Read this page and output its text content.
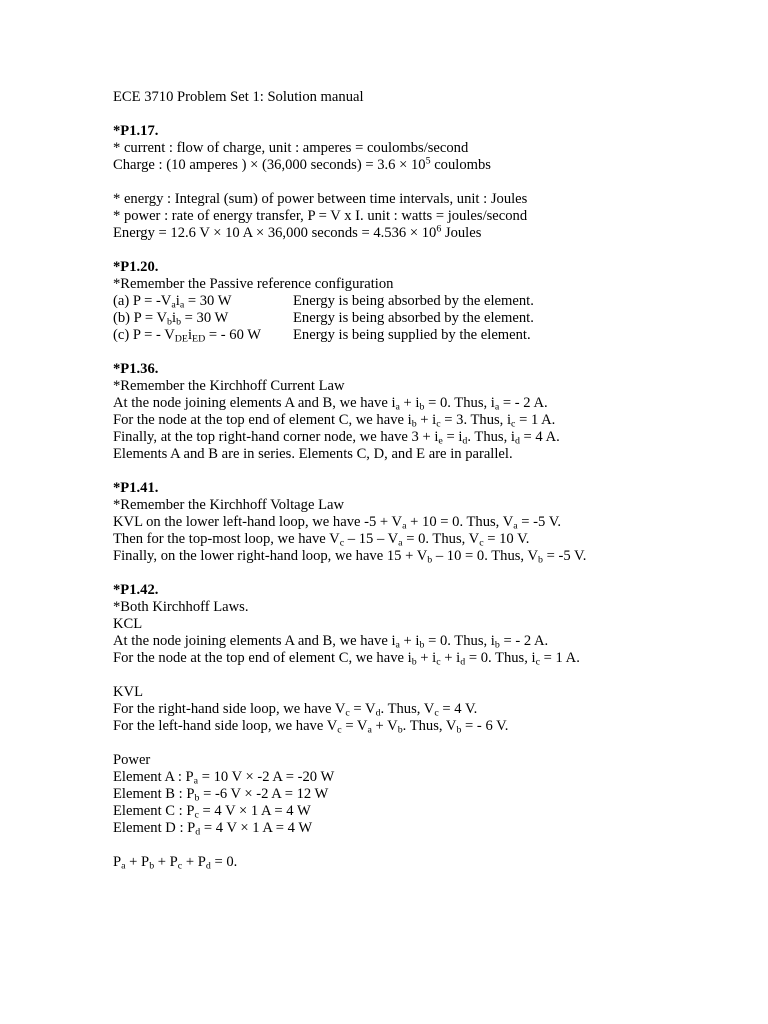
ECE 3710 Problem Set 1: Solution manual
*P1.17.
* current : flow of charge, unit : amperes = coulombs/second
Charge : (10 amperes ) × (36,000 seconds) = $3.6 \times 10^5$ coulombs
* energy : Integral (sum) of power between time intervals, unit : Joules
* power : rate of energy transfer, P = V x I. unit : watts = joules/second
Energy = 12.6 V × 10 A × 36,000 seconds = $4.536 \times 10^6$ Joules
*P1.20.
*Remember the Passive reference configuration
(a) $P = -V_ai_a = 30$ W	Energy is being absorbed by the element.
(b) $P = V_bi_b = 30$ W	Energy is being absorbed by the element.
(c) P = - $V_{DE}i_{ED}$ = - 60 W Energy is being supplied by the element.
*P1.36.
*Remember the Kirchhoff Current Law
At the node joining elements A and B, we have $i_a + i_b = 0$. Thus, $i_a$ = - 2 A.
For the node at the top end of element C, we have $i_b + i_c = 3$. Thus, $i_c = 1$ A.
Finally, at the top right-hand corner node, we have $3 + i_e = i_d$. Thus, $i_d = 4$ A.
Elements A and B are in series. Elements C, D, and E are in parallel.
*P1.41.
*Remember the Kirchhoff Voltage Law
KVL on the lower left-hand loop, we have $-5 + V_a + 10 = 0$. Thus, $V_a = -5$ V.
Then for the top-most loop, we have $V_c - 15 - V_a = 0$. Thus, $V_c = 10$ V.
Finally, on the lower right-hand loop, we have $15 + V_b - 10 = 0$. Thus, $V_b = -5$ V.
*P1.42.
*Both Kirchhoff Laws.
KCL
At the node joining elements A and B, we have $i_a + i_b = 0$. Thus, $i_b$ = - 2 A.
For the node at the top end of element C, we have $i_b + i_c + i_d = 0$. Thus, $i_c = 1$ A.
KVL
For the right-hand side loop, we have $V_c = V_d$. Thus, $V_c = 4$ V.
For the left-hand side loop, we have $V_c = V_a + V_b$. Thus, $V_b$ = - 6 V.
Power
Element A : $P_a = 10$ V × -2 A = -20 W
Element B : $P_b = -6$ V × -2 A = 12 W
Element C : $P_c = 4$ V × 1 A = 4 W
Element D : $P_d = 4$ V × 1 A = 4 W
$P_a + P_b + P_c + P_d = 0$.
